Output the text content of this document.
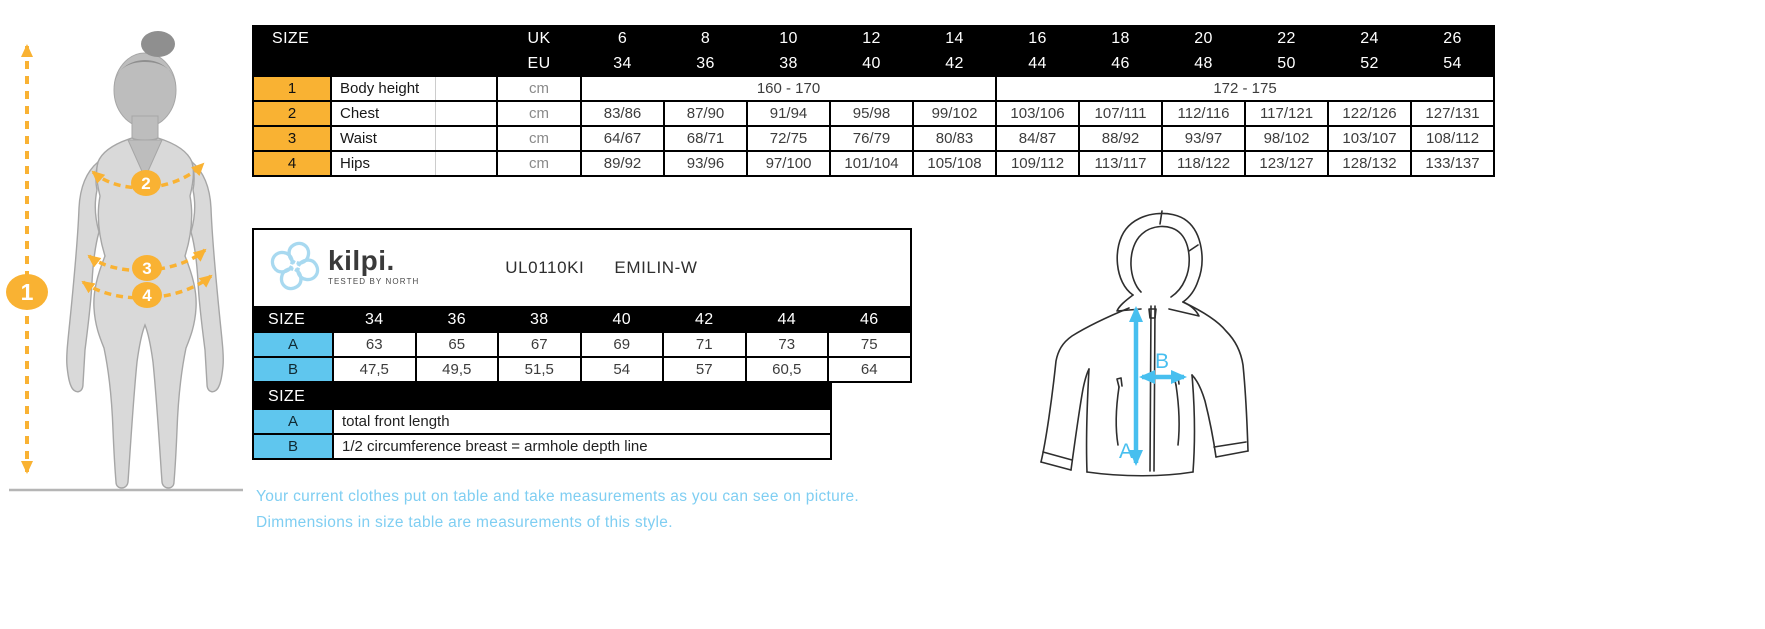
1
2
3
4
SIZE		UK	6	8	10	12	14	16	18	20	22	24	26
		EU	34	36	38	40	42	44	46	48	50	52	54
1	Body height	cm	160 - 170					172 - 175					
2	Chest	cm	83/86	87/90	91/94	95/98	99/102	103/106	107/111	112/116	117/121	122/126	127/131
3	Waist	cm	64/67	68/71	72/75	76/79	80/83	84/87	88/92	93/97	98/102	103/107	108/112
4	Hips	cm	89/92	93/96	97/100	101/104	105/108	109/112	113/117	118/122	123/127	128/132	133/137
kilpi.
TESTED BY NORTH
UL0110KI EMILIN-W							

SIZE	34	36	38	40	42	44	46
A	63	65	67	69	71	73	75
B	47,5	49,5	51,5	54	57	60,5	64
SIZE	
A	total front length
B	1/2 circumference breast = armhole depth line
Your current clothes put on table and take measurements as you can see on picture.
Dimmensions in size table are measurements of this style.
A
B
